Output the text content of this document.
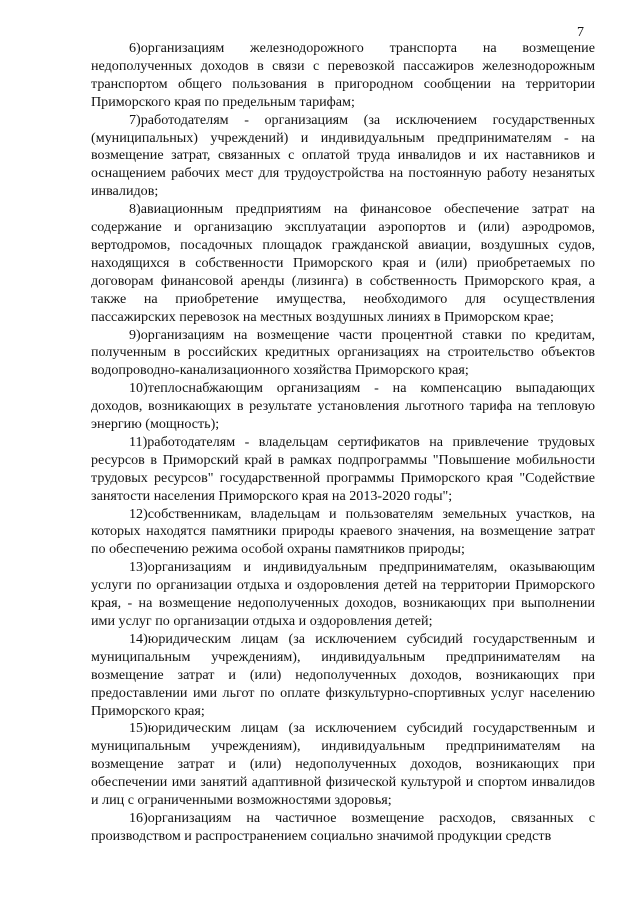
7

6)организациям железнодорожного транспорта на возмещение недополученных доходов в связи с перевозкой пассажиров железнодорожным транспортом общего пользования в пригородном сообщении на территории Приморского края по предельным тарифам;

7)работодателям - организациям (за исключением государственных (муниципальных) учреждений) и индивидуальным предпринимателям - на возмещение затрат, связанных с оплатой труда инвалидов и их наставников и оснащением рабочих мест для трудоустройства на постоянную работу незанятых инвалидов;

8)авиационным предприятиям на финансовое обеспечение затрат на содержание и организацию эксплуатации аэропортов и (или) аэродромов, вертодромов, посадочных площадок гражданской авиации, воздушных судов, находящихся в собственности Приморского края и (или) приобретаемых по договорам финансовой аренды (лизинга) в собственность Приморского края, а также на приобретение имущества, необходимого для осуществления пассажирских перевозок на местных воздушных линиях в Приморском крае;

9)организациям на возмещение части процентной ставки по кредитам, полученным в российских кредитных организациях на строительство объектов водопроводно-канализационного хозяйства Приморского края;

10)теплоснабжающим организациям - на компенсацию выпадающих доходов, возникающих в результате установления льготного тарифа на тепловую энергию (мощность);

11)работодателям - владельцам сертификатов на привлечение трудовых ресурсов в Приморский край в рамках подпрограммы "Повышение мобильности трудовых ресурсов" государственной программы Приморского края "Содействие занятости населения Приморского края на 2013-2020 годы";

12)собственникам, владельцам и пользователям земельных участков, на которых находятся памятники природы краевого значения, на возмещение затрат по обеспечению режима особой охраны памятников природы;

13)организациям и индивидуальным предпринимателям, оказывающим услуги по организации отдыха и оздоровления детей на территории Приморского края, - на возмещение недополученных доходов, возникающих при выполнении ими услуг по организации отдыха и оздоровления детей;

14)юридическим лицам (за исключением субсидий государственным и муниципальным учреждениям), индивидуальным предпринимателям на возмещение затрат и (или) недополученных доходов, возникающих при предоставлении ими льгот по оплате физкультурно-спортивных услуг населению Приморского края;

15)юридическим лицам (за исключением субсидий государственным и муниципальным учреждениям), индивидуальным предпринимателям на возмещение затрат и (или) недополученных доходов, возникающих при обеспечении ими занятий адаптивной физической культурой и спортом инвалидов и лиц с ограниченными возможностями здоровья;

16)организациям на частичное возмещение расходов, связанных с производством и распространением социально значимой продукции средств
